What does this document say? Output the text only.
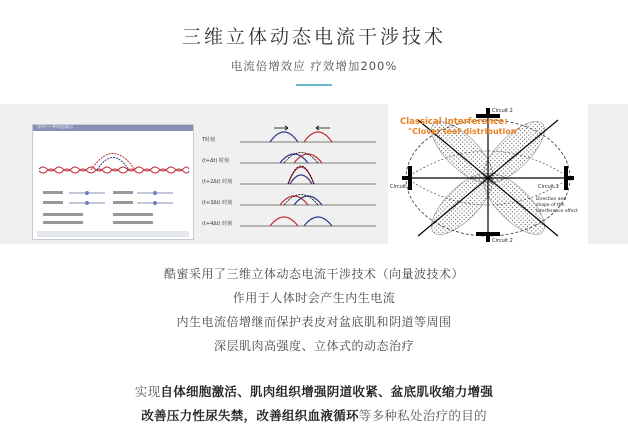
三维立体动态电流干涉技术
电流倍增效应 疗效增加200%
作用——的动态演示
T时刻
(t+Δt) 时刻
(t+2Δt) 时刻
(t+3Δt) 时刻
(t+4Δt) 时刻
Classical Interference:
"Clover leaf distribution"
Circuit 2
Circuit 2
Circuit 1	Circuit 1
Direction and
shape of the
interference effect
酷蜜采用了三维立体动态电流干涉技术（向量波技术）
作用于人体时会产生内生电流
内生电流倍增继而保护表皮对盆底肌和阴道等周围
深层肌肉高强度、立体式的动态治疗
实现自体细胞激活、肌肉组织增强阴道收紧、盆底肌收缩力增强
改善压力性尿失禁，改善组织血液循环等多种私处治疗的目的
